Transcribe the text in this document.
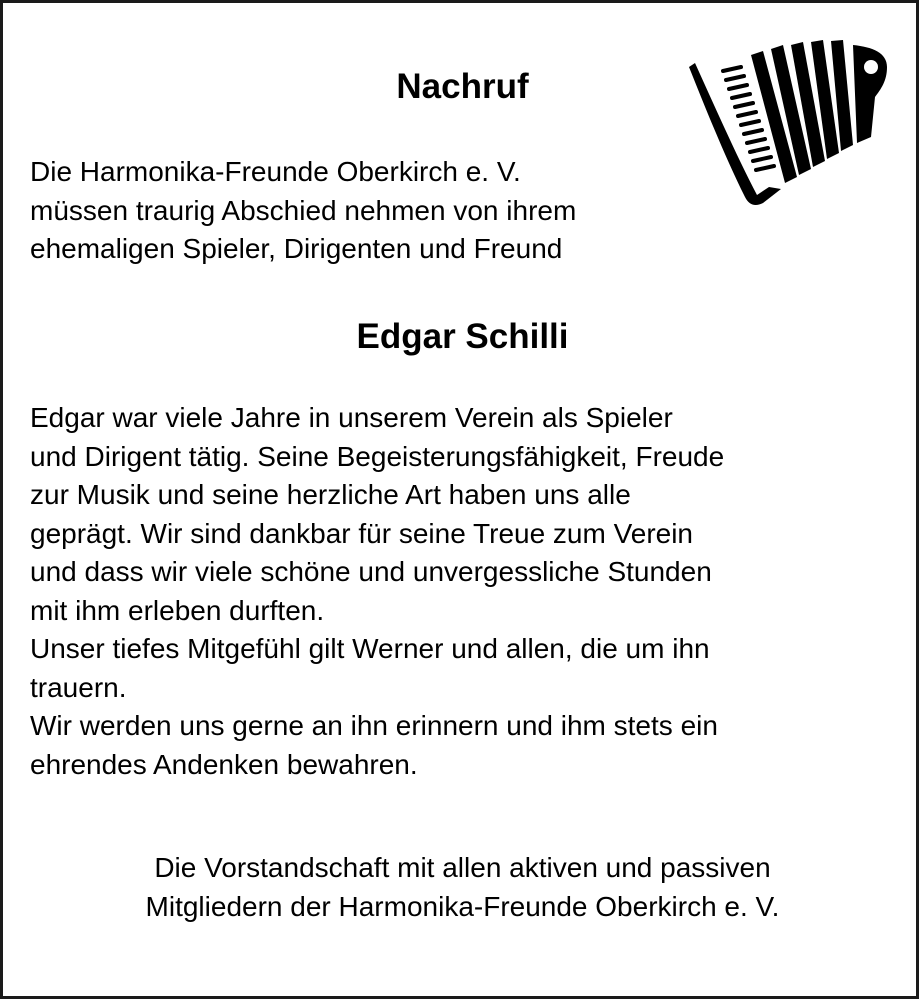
Nachruf
Die Harmonika-Freunde Oberkirch e. V.
müssen traurig Abschied nehmen von ihrem
ehemaligen Spieler, Dirigenten und Freund
Edgar Schilli
Edgar war viele Jahre in unserem Verein als Spieler
und Dirigent tätig. Seine Begeisterungsfähigkeit, Freude
zur Musik und seine herzliche Art haben uns alle
geprägt. Wir sind dankbar für seine Treue zum Verein
und dass wir viele schöne und unvergessliche Stunden
mit ihm erleben durften.
Unser tiefes Mitgefühl gilt Werner und allen, die um ihn
trauern.
Wir werden uns gerne an ihn erinnern und ihm stets ein
ehrendes Andenken bewahren.
Die Vorstandschaft mit allen aktiven und passiven
Mitgliedern der Harmonika-Freunde Oberkirch e. V.
